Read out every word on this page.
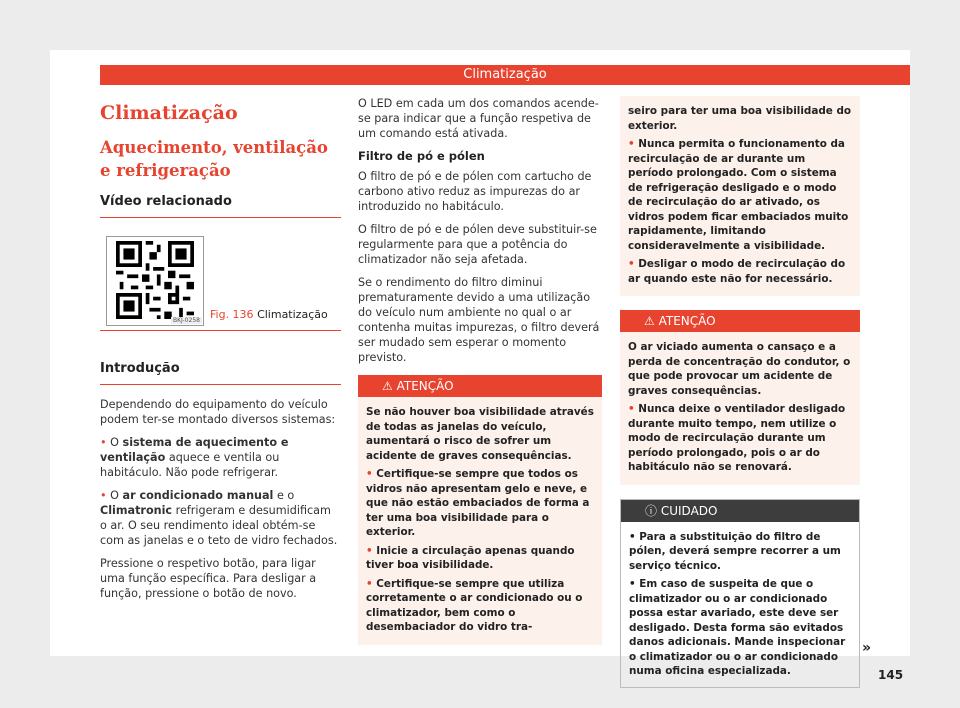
Climatização
Climatização
Aquecimento, ventilação e refrigeração
Vídeo relacionado
BKJ-0258 Fig. 136 Climatização
Introdução

Dependendo do equipamento do veículo podem ter-se montado diversos sistemas:

• O sistema de aquecimento e ventilação aquece e ventila ou habitáculo. Não pode refrigerar.

• O ar condicionado manual e o Climatronic refrigeram e desumidificam o ar. O seu rendimento ideal obtém-se com as janelas e o teto de vidro fechados.

Pressione o respetivo botão, para ligar uma função específica. Para desligar a função, pressione o botão de novo.

O LED em cada um dos comandos acende-se para indicar que a função respetiva de um comando está ativada.

Filtro de pó e pólen

O filtro de pó e de pólen com cartucho de carbono ativo reduz as impurezas do ar introduzido no habitáculo.

O filtro de pó e de pólen deve substituir-se regularmente para que a potência do climatizador não seja afetada.

Se o rendimento do filtro diminui prematuramente devido a uma utilização do veículo num ambiente no qual o ar contenha muitas impurezas, o filtro deverá ser mudado sem esperar o momento previsto.

⚠ ATENÇÃO

Se não houver boa visibilidade através de todas as janelas do veículo, aumentará o risco de sofrer um acidente de graves consequências.

• Certifique-se sempre que todos os vidros não apresentam gelo e neve, e que não estão embaciados de forma a ter uma boa visibilidade para o exterior.

• Inicie a circulação apenas quando tiver boa visibilidade.

• Certifique-se sempre que utiliza corretamente o ar condicionado ou o climatizador, bem como o desembaciador do vidro tra-

seiro para ter uma boa visibilidade do exterior.

• Nunca permita o funcionamento da recirculação de ar durante um período prolongado. Com o sistema de refrigeração desligado e o modo de recirculação do ar ativado, os vidros podem ficar embaciados muito rapidamente, limitando consideravelmente a visibilidade.

• Desligar o modo de recirculação do ar quando este não for necessário.

⚠ ATENÇÃO

O ar viciado aumenta o cansaço e a perda de concentração do condutor, o que pode provocar um acidente de graves consequências.

• Nunca deixe o ventilador desligado durante muito tempo, nem utilize o modo de recirculação durante um período prolongado, pois o ar do habitáculo não se renovará.

ⓘ CUIDADO

• Para a substituição do filtro de pólen, deverá sempre recorrer a um serviço técnico.

• Em caso de suspeita de que o climatizador ou o ar condicionado possa estar avariado, este deve ser desligado. Desta forma são evitados danos adicionais. Mande inspecionar o climatizador ou o ar condicionado numa oficina especializada.

»
145
